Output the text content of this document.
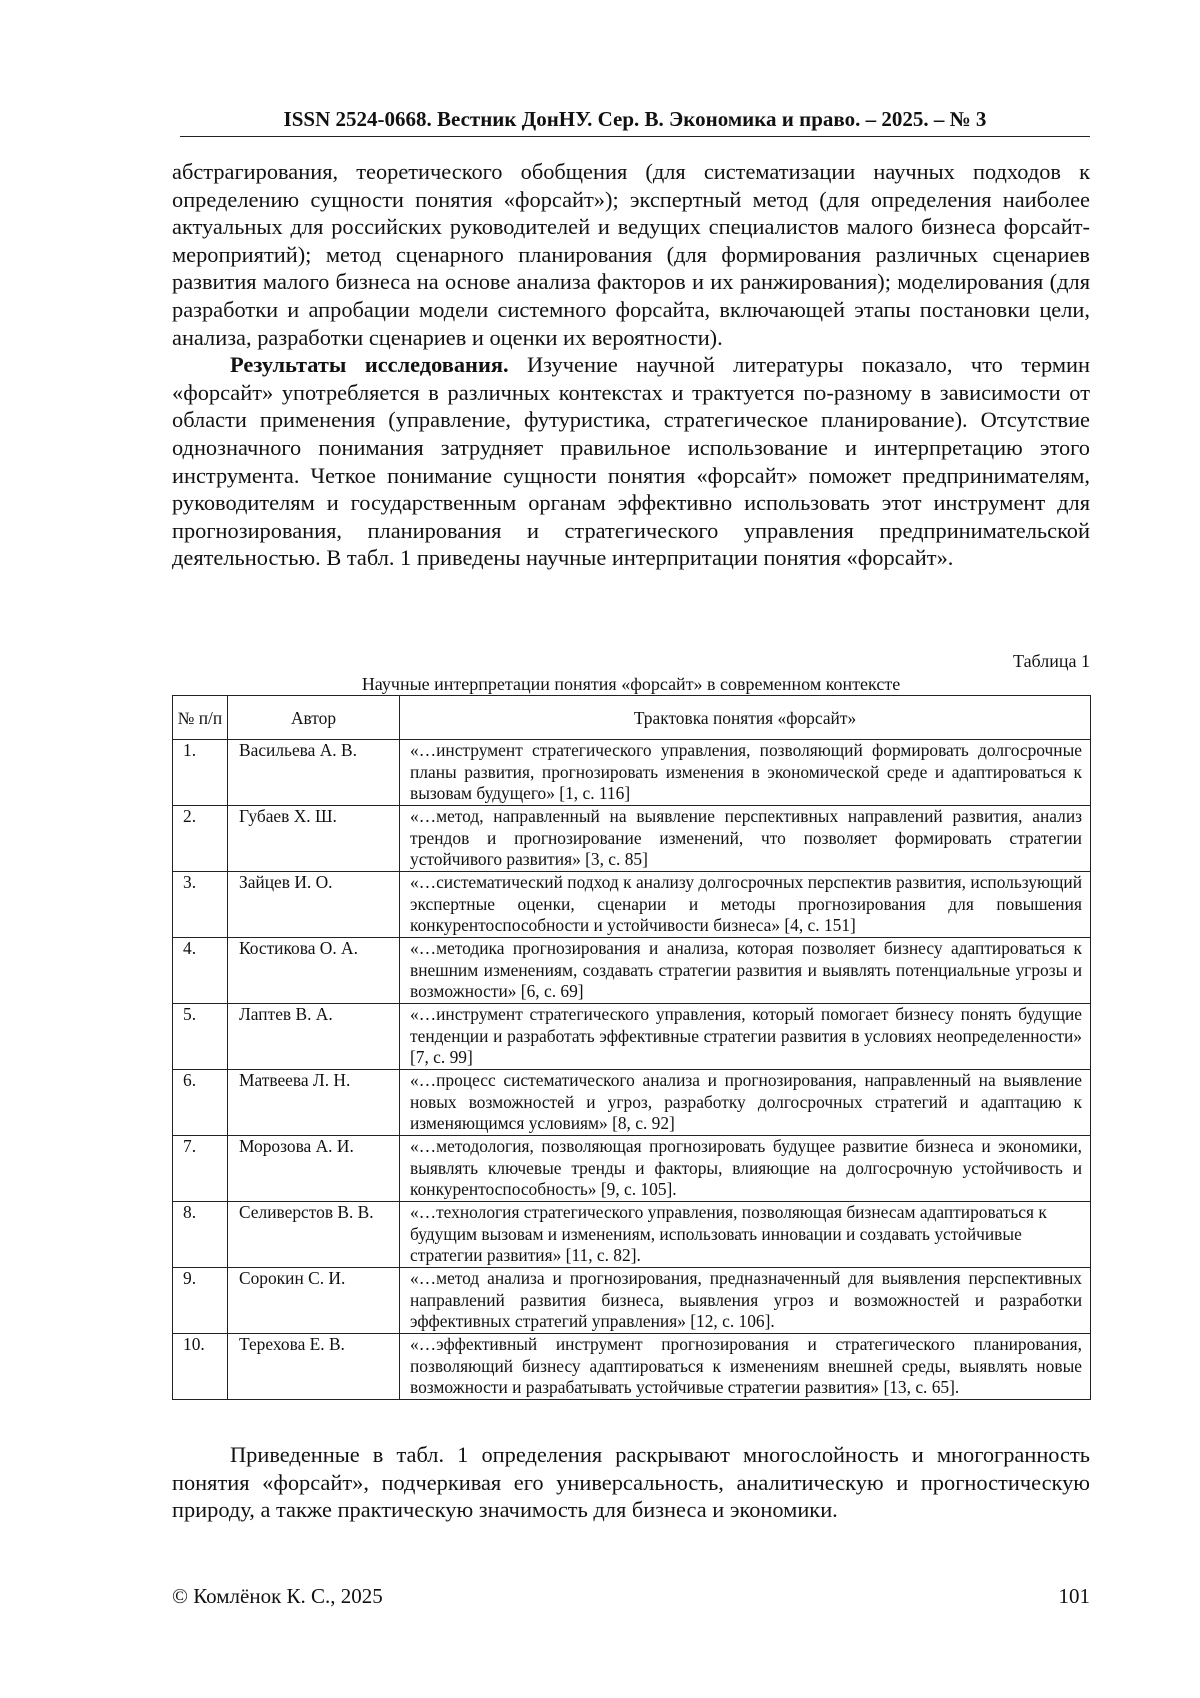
ISSN 2524-0668. Вестник ДонНУ. Сер. В. Экономика и право. – 2025. – № 3

абстрагирования, теоретического обобщения (для систематизации научных подходов к определению сущности понятия «форсайт»); экспертный метод (для определения наиболее актуальных для российских руководителей и ведущих специалистов малого бизнеса форсайт-мероприятий); метод сценарного планирования (для формирования различных сценариев развития малого бизнеса на основе анализа факторов и их ранжирования); моделирования (для разработки и апробации модели системного форсайта, включающей этапы постановки цели, анализа, разработки сценариев и оценки их вероятности).

Результаты исследования. Изучение научной литературы показало, что термин «форсайт» употребляется в различных контекстах и трактуется по-разному в зависимости от области применения (управление, футуристика, стратегическое планирование). Отсутствие однозначного понимания затрудняет правильное использование и интерпретацию этого инструмента. Четкое понимание сущности понятия «форсайт» поможет предпринимателям, руководителям и государственным органам эффективно использовать этот инструмент для прогнозирования, планирования и стратегического управления предпринимательской деятельностью. В табл. 1 приведены научные интерпритации понятия «форсайт».

Таблица 1
Научные интерпретации понятия «форсайт» в современном контексте
№ п/п	Автор	Трактовка понятия «форсайт»
1.	Васильева А. В.	«…инструмент стратегического управления, позволяющий формировать долгосрочные планы развития, прогнозировать изменения в экономической среде и адаптироваться к вызовам будущего» [1, с. 116]
2.	Губаев Х. Ш.	«…метод, направленный на выявление перспективных направлений развития, анализ трендов и прогнозирование изменений, что позволяет формировать стратегии устойчивого развития» [3, с. 85]
3.	Зайцев И. О.	«…систематический подход к анализу долгосрочных перспектив развития, использующий экспертные оценки, сценарии и методы прогнозирования для повышения конкурентоспособности и устойчивости бизнеса» [4, с. 151]
4.	Костикова О. А.	«…методика прогнозирования и анализа, которая позволяет бизнесу адаптироваться к внешним изменениям, создавать стратегии развития и выявлять потенциальные угрозы и возможности» [6, с. 69]
5.	Лаптев В. А.	«…инструмент стратегического управления, который помогает бизнесу понять будущие тенденции и разработать эффективные стратегии развития в условиях неопределенности» [7, с. 99]
6.	Матвеева Л. Н.	«…процесс систематического анализа и прогнозирования, направленный на выявление новых возможностей и угроз, разработку долгосрочных стратегий и адаптацию к изменяющимся условиям» [8, с. 92]
7.	Морозова А. И.	«…методология, позволяющая прогнозировать будущее развитие бизнеса и экономики, выявлять ключевые тренды и факторы, влияющие на долгосрочную устойчивость и конкурентоспособность» [9, с. 105].
8.	Селиверстов В. В.	«…технология стратегического управления, позволяющая бизнесам адаптироваться к будущим вызовам и изменениям, использовать инновации и создавать устойчивые стратегии развития» [11, с. 82].
9.	Сорокин С. И.	«…метод анализа и прогнозирования, предназначенный для выявления перспективных направлений развития бизнеса, выявления угроз и возможностей и разработки эффективных стратегий управления» [12, с. 106].
10.	Терехова Е. В.	«…эффективный инструмент прогнозирования и стратегического планирования, позволяющий бизнесу адаптироваться к изменениям внешней среды, выявлять новые возможности и разрабатывать устойчивые стратегии развития» [13, с. 65].

Приведенные в табл. 1 определения раскрывают многослойность и многогранность понятия «форсайт», подчеркивая его универсальность, аналитическую и прогностическую природу, а также практическую значимость для бизнеса и экономики.

© Комлёнок К. С., 2025	101
